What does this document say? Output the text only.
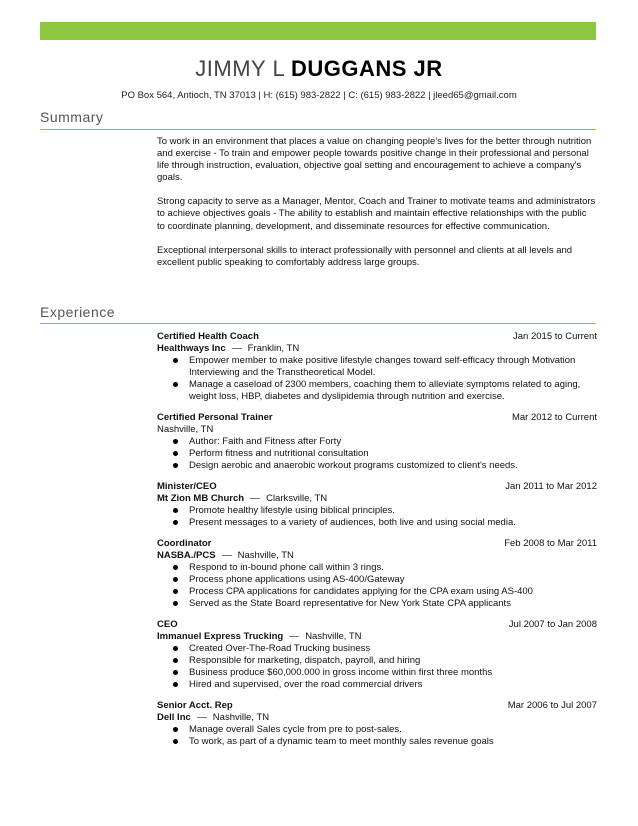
JIMMY L DUGGANS JR
PO Box 564, Antioch, TN 37013 | H: (615) 983-2822 | C: (615) 983-2822 | jleed65@gmail.com
Summary

To work in an environment that places a value on changing people's lives for the better through nutrition and exercise - To train and empower people towards positive change in their professional and personal life through instruction, evaluation, objective goal setting and encouragement to achieve a company's goals.

Strong capacity to serve as a Manager, Mentor, Coach and Trainer to motivate teams and administrators to achieve objectives goals - The ability to establish and maintain effective relationships with the public to coordinate planning, development, and disseminate resources for effective communication.

Exceptional interpersonal skills to interact professionally with personnel and clients at all levels and excellent public speaking to comfortably address large groups.

Experience
Certified Health Coach	Jan 2015 to Current
Healthways Inc Franklin, TN
Empower member to make positive lifestyle changes toward self-efficacy through Motivation Interviewing and the Transtheoretical Model.
Manage a caseload of 2300 members, coaching them to alleviate symptoms related to aging, weight loss, HBP, diabetes and dyslipidemia through nutrition and exercise.
Certified Personal Trainer	Mar 2012 to Current
Nashville, TN
Author: Faith and Fitness after Forty
Perform fitness and nutritional consultation
Design aerobic and anaerobic workout programs customized to client's needs.
Minister/CEO	Jan 2011 to Mar 2012
Mt Zion MB Church Clarksville, TN
Promote healthy lifestyle using biblical principles.
Present messages to a variety of audiences, both live and using social media.
Coordinator	Feb 2008 to Mar 2011
NASBA./PCS Nashville, TN
Respond to in-bound phone call within 3 rings.
Process phone applications using AS-400/Gateway
Process CPA applications for candidates applying for the CPA exam using AS-400
Served as the State Board representative for New York State CPA applicants
CEO	Jul 2007 to Jan 2008
Immanuel Express Trucking Nashville, TN
Created Over-The-Road Trucking business
Responsible for marketing, dispatch, payroll, and hiring
Business produce $60,000.000 in gross income within first three months
Hired and supervised, over the road commercial drivers
Senior Acct. Rep	Mar 2006 to Jul 2007
Dell Inc Nashville, TN
Manage overall Sales cycle from pre to post-sales.
To work, as part of a dynamic team to meet monthly sales revenue goals
